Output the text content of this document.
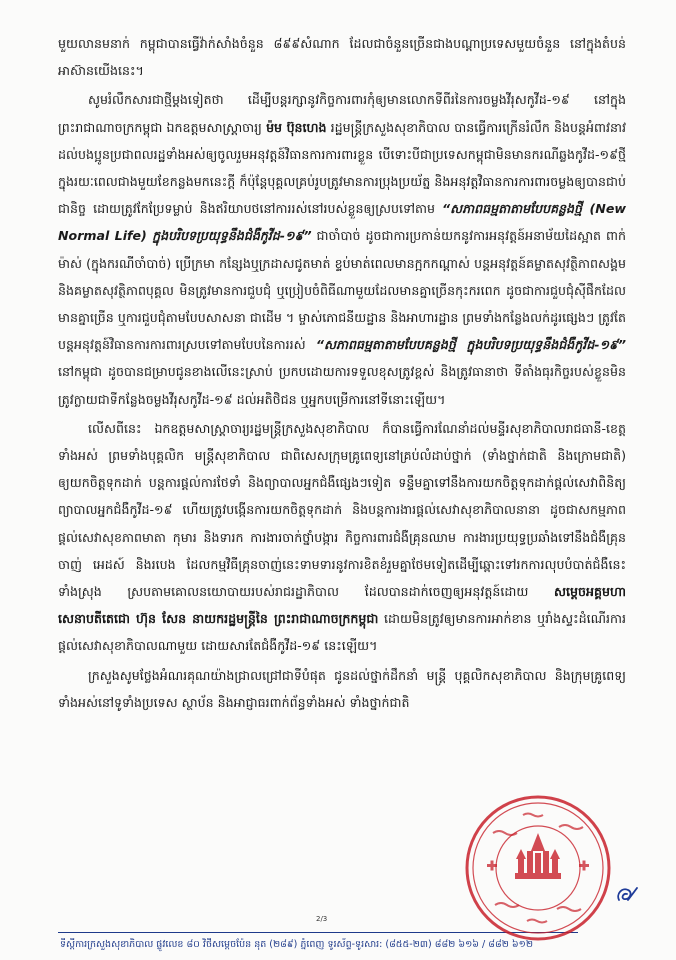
មួយលានមនាក់ កម្ពុជាបានធ្វើវ៉ាក់សាំងចំនួន ៨៩៩សំណាក ដែលជាចំនួនច្រើនជាងបណ្ដាប្រទេសមួយចំនួន នៅក្នុងតំបន់អាស៊ានយើងនេះ។

សូមរំលឹកសារជាថ្មីម្ដងទៀតថា ដើម្បីបន្តរក្សានូវកិច្ចការពារកុំឲ្យមានលោកទីពីរនៃការចម្លងវីរុសកូវីដ-១៩ នៅក្នុងព្រះរាជាណាចក្រកម្ពុជា ឯកឧត្តមសាស្ត្រាចារ្យ ម៉ម ប៊ុនហេង រដ្ឋមន្ត្រីក្រសួងសុខាភិបាល បានធ្វើការក្រើនរំលឹក និងបន្តអំពាវនាវដល់បងប្អូនប្រជាពលរដ្ឋទាំងអស់ឲ្យចូលរួមអនុវត្តន៍វិធានការការពារខ្លួន បើទោះបីជាប្រទេសកម្ពុជាមិនមានករណីឆ្លងកូវីដ-១៩ថ្មី ក្នុងរយៈពេលជាងមួយខែកន្លងមកនេះក្ដី ក៏ប៉ុន្តែបុគ្គលគ្រប់រូបត្រូវមានការប្រុងប្រយ័ត្ន និងអនុវត្តវិធានការការពារចម្លងឲ្យបានជាប់ជានិច្ច ដោយត្រូវកែប្រែទម្លាប់ និងឥរិយាបថនៅការរស់នៅរបស់ខ្លួនឲ្យស្របទៅតាម “សភាពធម្មតាតាមបែបគន្លងថ្មី (New Normal Life) ក្នុងបរិបទប្រយុទ្ធនឹងជំងឺកូវីដ-១៩” ជាចាំបាច់ ដូចជាការប្រកាន់យកនូវការអនុវត្តន៍អនាម័យដៃស្អាត ពាក់ម៉ាស់ (ក្នុងករណីចាំបាច់) ប្រើក្រមា កន្សែងឬក្រដាសជូតមាត់ ខ្ទប់មាត់ពេលមានក្អកកណ្ដាស់ បន្តអនុវត្តន៍គម្លាតសុវត្ថិភាពសង្គម និងគម្លាតសុវត្ថិភាពបុគ្គល មិនត្រូវមានការជួបជុំ ឬប្រៀបចំពិធីណាមួយដែលមានគ្នាច្រើនកុះករពេក ដូចជាការជួបជុំស៊ីផឹកដែលមានគ្នាច្រើន ឬការជួបជុំតាមបែបសាសនា ជាដើម ។ ម្ចាស់ភោជនីយដ្ឋាន និងអាហារដ្ឋាន ព្រមទាំងកន្លែងលក់ដូរផ្សេងៗ ត្រូវតែបន្តអនុវត្តន៍វិធានការការពារស្របទៅតាមបែបនៃការរស់ “សភាពធម្មតាតាមបែបគន្លងថ្មី ក្នុងបរិបទប្រយុទ្ធនឹងជំងឺកូវីដ-១៩” នៅកម្ពុជា ដូចបានជម្រាបជូនខាងលើនេះស្រាប់ ប្រកបដោយការទទួលខុសត្រូវខ្ពស់ និងត្រូវធានាថា ទីតាំងធុរកិច្ចរបស់ខ្លួនមិនត្រូវក្លាយជាទីកន្លែងចម្លងវីរុសកូវីដ-១៩ ដល់អតិថិជន ឬអ្នកបម្រើការនៅទីនោះឡើយ។

លើសពីនេះ ឯកឧត្តមសាស្ត្រាចារ្យរដ្ឋមន្ត្រីក្រសួងសុខាភិបាល ក៏បានធ្វើការណែនាំដល់មន្ទីរសុខាភិបាលរាជធានី-ខេត្តទាំងអស់ ព្រមទាំងបុគ្គលិក មន្ត្រីសុខាភិបាល ជាពិសេសក្រុមគ្រូពេទ្យនៅគ្រប់លំដាប់ថ្នាក់ (ទាំងថ្នាក់ជាតិ និងក្រោមជាតិ) ឲ្យយកចិត្តទុកដាក់ បន្តការផ្ដល់ការថែទាំ និងព្យាបាលអ្នកជំងឺផ្សេងៗទៀត ទន្ទឹមគ្នាទៅនឹងការយកចិត្តទុកដាក់ផ្ដល់សេវាពិនិត្យព្យាបាលអ្នកជំងឺកូវីដ-១៩ ហើយត្រូវបង្កើនការយកចិត្តទុកដាក់ និងបន្តការងារផ្ដល់សេវាសុខាភិបាលនានា ដូចជាសកម្មភាពផ្ដល់សេវាសុខភាពមាតា កុមារ និងទារក ការងារចាក់ថ្នាំបង្ការ កិច្ចការពារជំងឺគ្រុនឈាម ការងារប្រយុទ្ធប្រឆាំងទៅនឹងជំងឺគ្រុនចាញ់ អេដស៍ និងរបេង ដែលកម្មវិធីគ្រុនចាញ់នេះទាមទារនូវការខិតខំរួមគ្នាថែមទៀតដើម្បីឆ្ពោះទៅរកការលុបបំបាត់ជំងឺនេះទាំងស្រុង ស្របតាមគោលនយោបាយរបស់រាជរដ្ឋាភិបាល ដែលបានដាក់ចេញឲ្យអនុវត្តន៍ដោយ សម្ដេចអគ្គមហាសេនាបតីតេជោ ហ៊ុន សែន នាយករដ្ឋមន្ត្រីនៃ ព្រះរាជាណាចក្រកម្ពុជា ដោយមិនត្រូវឲ្យមានការអាក់ខាន ឬរាំងស្ទះដំណើរការផ្ដល់សេវាសុខាភិបាលណាមួយ ដោយសារតែជំងឺកូវីដ-១៩ នេះឡើយ។

ក្រសួងសូមថ្លែងអំណរគុណយ៉ាងជ្រាលជ្រៅជាទីបំផុត ជូនដល់ថ្នាក់ដឹកនាំ មន្ត្រី បុគ្គលិកសុខាភិបាល និងក្រុមគ្រូពេទ្យទាំងអស់នៅទូទាំងប្រទេស ស្ថាប័ន និងអាជ្ញាធរពាក់ព័ន្ធទាំងអស់ ទាំងថ្នាក់ជាតិ

2/3
ទីស្ដីការក្រសួងសុខាភិបាល ផ្លូវលេខ ៨០ វិថីសម្ដេចប៉ែន នុត (២៨៩) ភ្នំពេញ ទូរស័ព្ទ-ទូរសារ: (៨៥៥-២៣) ៨៨២ ៦១៦ / ៨៨២ ៦១២
